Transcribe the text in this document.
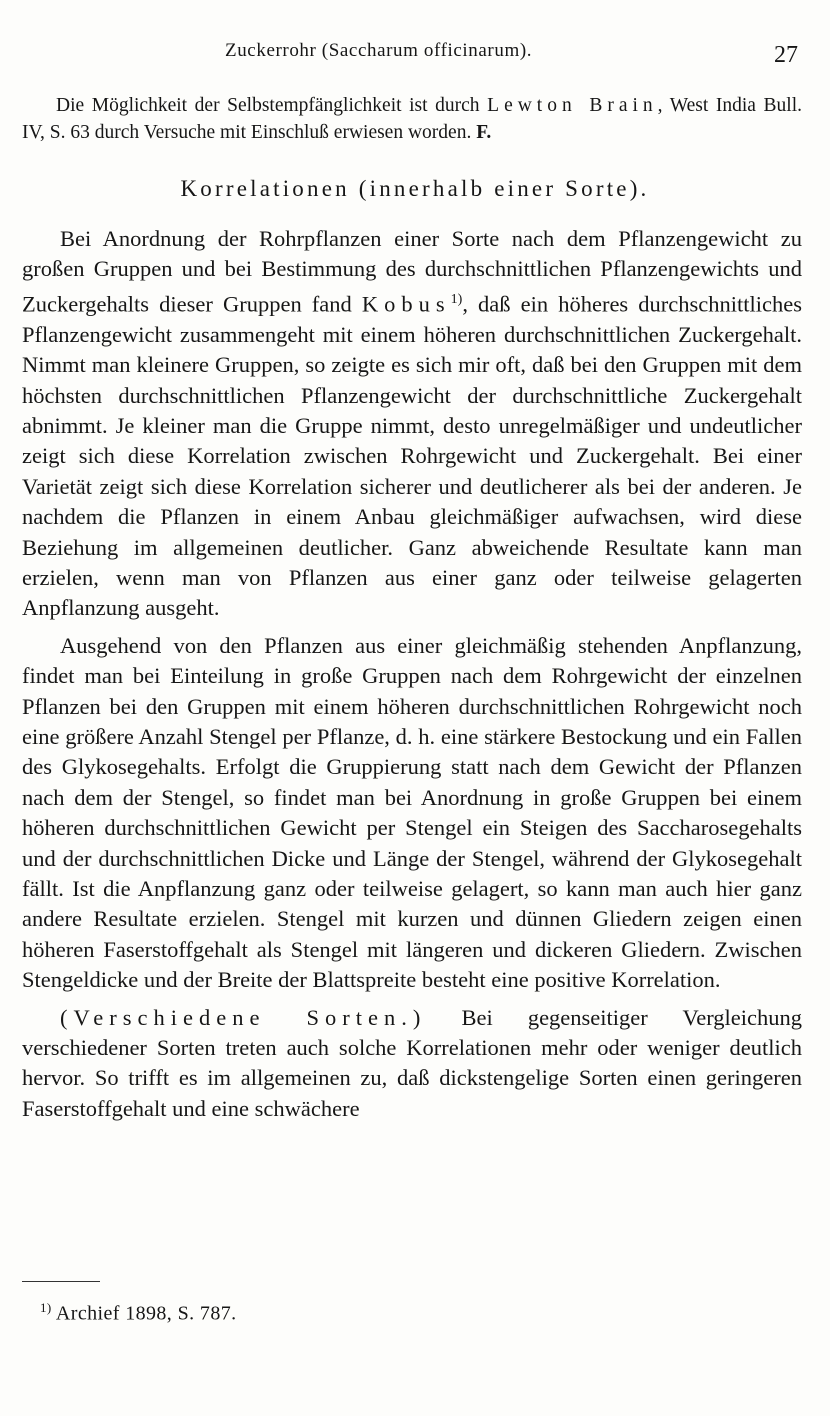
Zuckerrohr (Saccharum officinarum).	27

Die Möglichkeit der Selbstempfänglichkeit ist durch Lewton Brain, West India Bull. IV, S. 63 durch Versuche mit Einschluß erwiesen worden. F.

Korrelationen (innerhalb einer Sorte).

Bei Anordnung der Rohrpflanzen einer Sorte nach dem Pflanzengewicht zu großen Gruppen und bei Bestimmung des durchschnittlichen Pflanzengewichts und Zuckergehalts dieser Gruppen fand Kobus$^{1)}$, daß ein höheres durchschnittliches Pflanzengewicht zusammengeht mit einem höheren durchschnittlichen Zuckergehalt. Nimmt man kleinere Gruppen, so zeigte es sich mir oft, daß bei den Gruppen mit dem höchsten durchschnittlichen Pflanzengewicht der durchschnittliche Zuckergehalt abnimmt. Je kleiner man die Gruppe nimmt, desto unregelmäßiger und undeutlicher zeigt sich diese Korrelation zwischen Rohrgewicht und Zuckergehalt. Bei einer Varietät zeigt sich diese Korrelation sicherer und deutlicherer als bei der anderen. Je nachdem die Pflanzen in einem Anbau gleichmäßiger aufwachsen, wird diese Beziehung im allgemeinen deutlicher. Ganz abweichende Resultate kann man erzielen, wenn man von Pflanzen aus einer ganz oder teilweise gelagerten Anpflanzung ausgeht.

Ausgehend von den Pflanzen aus einer gleichmäßig stehenden Anpflanzung, findet man bei Einteilung in große Gruppen nach dem Rohrgewicht der einzelnen Pflanzen bei den Gruppen mit einem höheren durchschnittlichen Rohrgewicht noch eine größere Anzahl Stengel per Pflanze, d. h. eine stärkere Bestockung und ein Fallen des Glykosegehalts. Erfolgt die Gruppierung statt nach dem Gewicht der Pflanzen nach dem der Stengel, so findet man bei Anordnung in große Gruppen bei einem höheren durchschnittlichen Gewicht per Stengel ein Steigen des Saccharosegehalts und der durchschnittlichen Dicke und Länge der Stengel, während der Glykosegehalt fällt. Ist die Anpflanzung ganz oder teilweise gelagert, so kann man auch hier ganz andere Resultate erzielen. Stengel mit kurzen und dünnen Gliedern zeigen einen höheren Faserstoffgehalt als Stengel mit längeren und dickeren Gliedern. Zwischen Stengeldicke und der Breite der Blattspreite besteht eine positive Korrelation.

(Verschiedene Sorten.) Bei gegenseitiger Vergleichung verschiedener Sorten treten auch solche Korrelationen mehr oder weniger deutlich hervor. So trifft es im allgemeinen zu, daß dickstengelige Sorten einen geringeren Faserstoffgehalt und eine schwächere

$^{1)}$ Archief 1898, S. 787.
